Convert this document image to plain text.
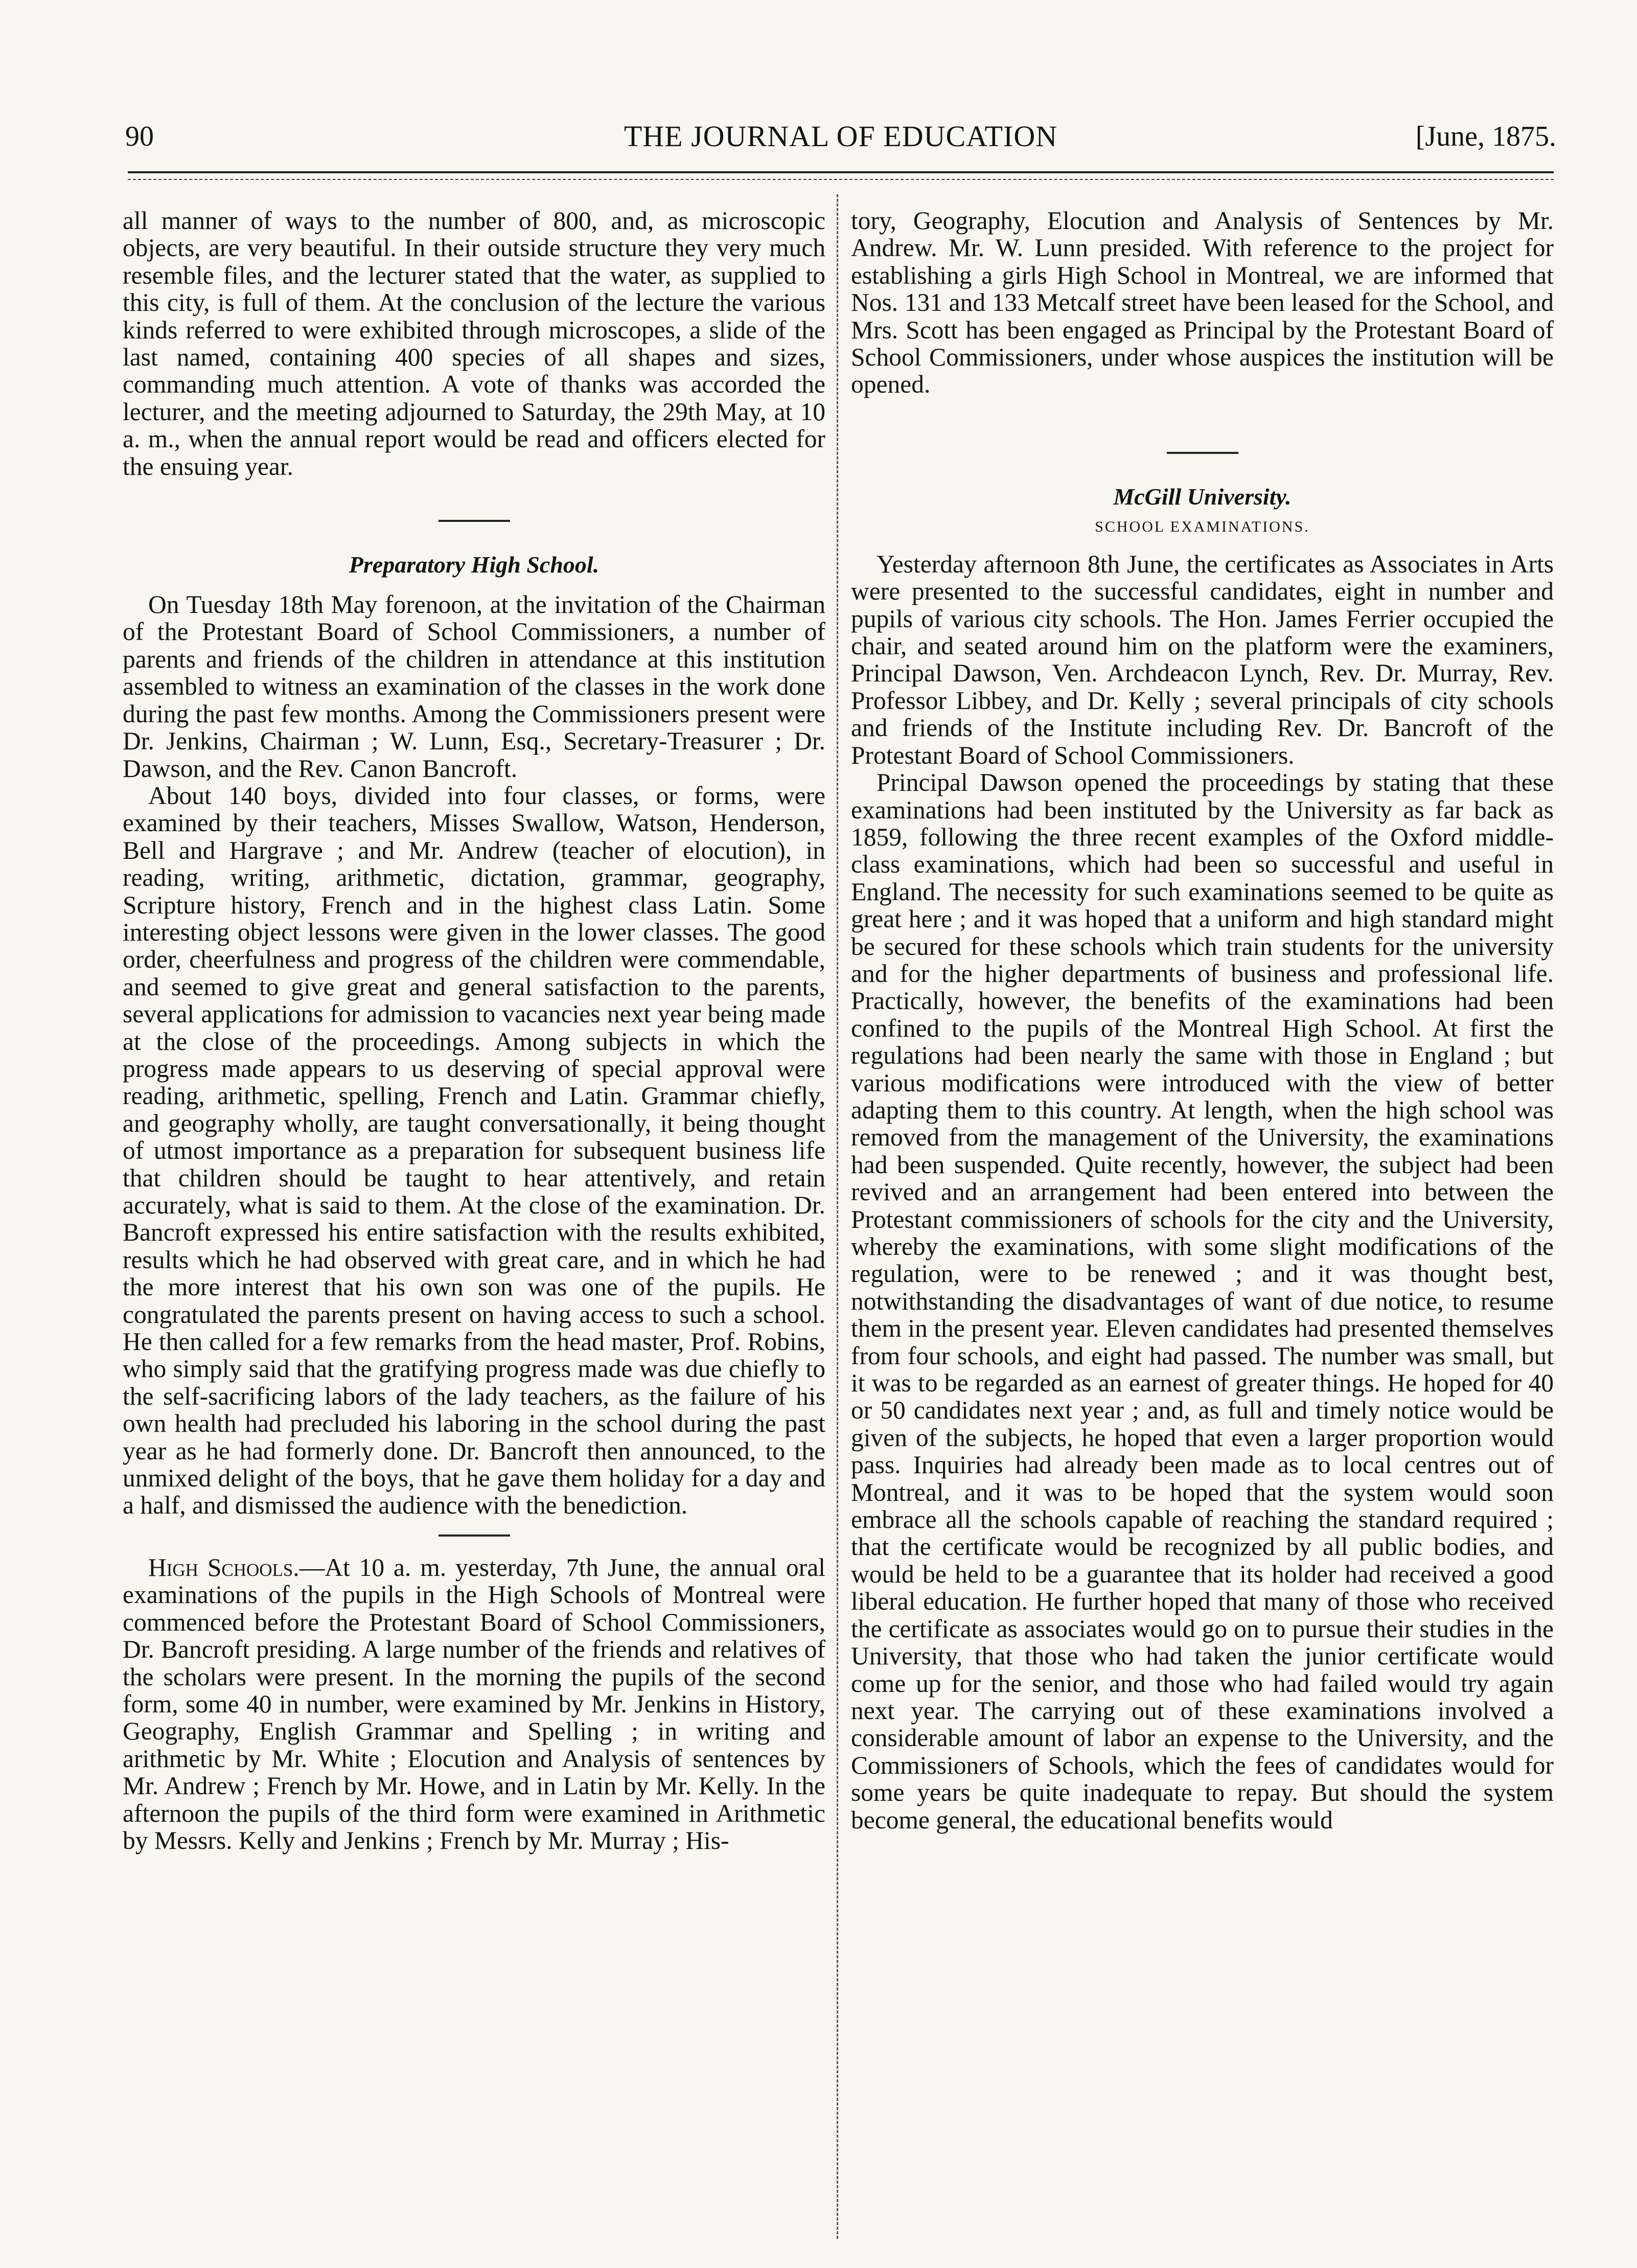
90	THE JOURNAL OF EDUCATION	[June, 1875.

all manner of ways to the number of 800, and, as microscopic objects, are very beautiful. In their outside structure they very much resemble files, and the lecturer stated that the water, as supplied to this city, is full of them. At the conclusion of the lecture the various kinds referred to were exhibited through microscopes, a slide of the last named, containing 400 species of all shapes and sizes, commanding much attention. A vote of thanks was accorded the lecturer, and the meeting adjourned to Saturday, the 29th May, at 10 a. m., when the annual report would be read and officers elected for the ensuing year.

Preparatory High School.

On Tuesday 18th May forenoon, at the invitation of the Chairman of the Protestant Board of School Commissioners, a number of parents and friends of the children in attendance at this institution assembled to witness an examination of the classes in the work done during the past few months. Among the Commissioners present were Dr. Jenkins, Chairman ; W. Lunn, Esq., Secretary-Treasurer ; Dr. Dawson, and the Rev. Canon Bancroft.

About 140 boys, divided into four classes, or forms, were examined by their teachers, Misses Swallow, Watson, Henderson, Bell and Hargrave ; and Mr. Andrew (teacher of elocution), in reading, writing, arithmetic, dictation, grammar, geography, Scripture history, French and in the highest class Latin. Some interesting object lessons were given in the lower classes. The good order, cheerfulness and progress of the children were commendable, and seemed to give great and general satisfaction to the parents, several applications for admission to vacancies next year being made at the close of the proceedings. Among subjects in which the progress made appears to us deserving of special approval were reading, arithmetic, spelling, French and Latin. Grammar chiefly, and geography wholly, are taught conversationally, it being thought of utmost importance as a preparation for subsequent business life that children should be taught to hear attentively, and retain accurately, what is said to them. At the close of the examination. Dr. Bancroft expressed his entire satisfaction with the results exhibited, results which he had observed with great care, and in which he had the more interest that his own son was one of the pupils. He congratulated the parents present on having access to such a school. He then called for a few remarks from the head master, Prof. Robins, who simply said that the gratifying progress made was due chiefly to the self-sacrificing labors of the lady teachers, as the failure of his own health had precluded his laboring in the school during the past year as he had formerly done. Dr. Bancroft then announced, to the unmixed delight of the boys, that he gave them holiday for a day and a half, and dismissed the audience with the benediction.

High Schools.—At 10 a. m. yesterday, 7th June, the annual oral examinations of the pupils in the High Schools of Montreal were commenced before the Protestant Board of School Commissioners, Dr. Bancroft presiding. A large number of the friends and relatives of the scholars were present. In the morning the pupils of the second form, some 40 in number, were examined by Mr. Jenkins in History, Geography, English Grammar and Spelling ; in writing and arithmetic by Mr. White ; Elocution and Analysis of sentences by Mr. Andrew ; French by Mr. Howe, and in Latin by Mr. Kelly. In the afternoon the pupils of the third form were examined in Arithmetic by Messrs. Kelly and Jenkins ; French by Mr. Murray ; His-

tory, Geography, Elocution and Analysis of Sentences by Mr. Andrew. Mr. W. Lunn presided. With reference to the project for establishing a girls High School in Montreal, we are informed that Nos. 131 and 133 Metcalf street have been leased for the School, and Mrs. Scott has been engaged as Principal by the Protestant Board of School Commissioners, under whose auspices the institution will be opened.

McGill University.
SCHOOL EXAMINATIONS.

Yesterday afternoon 8th June, the certificates as Associates in Arts were presented to the successful candidates, eight in number and pupils of various city schools. The Hon. James Ferrier occupied the chair, and seated around him on the platform were the examiners, Principal Dawson, Ven. Archdeacon Lynch, Rev. Dr. Murray, Rev. Professor Libbey, and Dr. Kelly ; several principals of city schools and friends of the Institute including Rev. Dr. Bancroft of the Protestant Board of School Commissioners.

Principal Dawson opened the proceedings by stating that these examinations had been instituted by the University as far back as 1859, following the three recent examples of the Oxford middle-class examinations, which had been so successful and useful in England. The necessity for such examinations seemed to be quite as great here ; and it was hoped that a uniform and high standard might be secured for these schools which train students for the university and for the higher departments of business and professional life. Practically, however, the benefits of the examinations had been confined to the pupils of the Montreal High School. At first the regulations had been nearly the same with those in England ; but various modifications were introduced with the view of better adapting them to this country. At length, when the high school was removed from the management of the University, the examinations had been suspended. Quite recently, however, the subject had been revived and an arrangement had been entered into between the Protestant commissioners of schools for the city and the University, whereby the examinations, with some slight modifications of the regulation, were to be renewed ; and it was thought best, notwithstanding the disadvantages of want of due notice, to resume them in the present year. Eleven candidates had presented themselves from four schools, and eight had passed. The number was small, but it was to be regarded as an earnest of greater things. He hoped for 40 or 50 candidates next year ; and, as full and timely notice would be given of the subjects, he hoped that even a larger proportion would pass. Inquiries had already been made as to local centres out of Montreal, and it was to be hoped that the system would soon embrace all the schools capable of reaching the standard required ; that the certificate would be recognized by all public bodies, and would be held to be a guarantee that its holder had received a good liberal education. He further hoped that many of those who received the certificate as associates would go on to pursue their studies in the University, that those who had taken the junior certificate would come up for the senior, and those who had failed would try again next year. The carrying out of these examinations involved a considerable amount of labor an expense to the University, and the Commissioners of Schools, which the fees of candidates would for some years be quite inadequate to repay. But should the system become general, the educational benefits would
